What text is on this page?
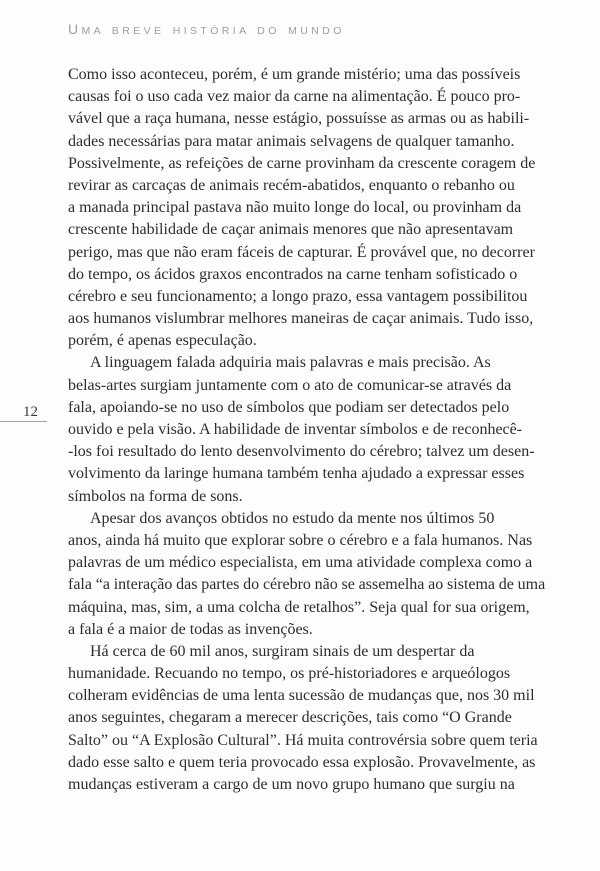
UMA BREVE HISTÓRIA DO MUNDO
12
Como isso aconteceu, porém, é um grande mistério; uma das possíveis
causas foi o uso cada vez maior da carne na alimentação. É pouco pro-
vável que a raça humana, nesse estágio, possuísse as armas ou as habili-
dades necessárias para matar animais selvagens de qualquer tamanho.
Possivelmente, as refeições de carne provinham da crescente coragem de
revirar as carcaças de animais recém-abatidos, enquanto o rebanho ou
a manada principal pastava não muito longe do local, ou provinham da
crescente habilidade de caçar animais menores que não apresentavam
perigo, mas que não eram fáceis de capturar. É provável que, no decorrer
do tempo, os ácidos graxos encontrados na carne tenham sofisticado o
cérebro e seu funcionamento; a longo prazo, essa vantagem possibilitou
aos humanos vislumbrar melhores maneiras de caçar animais. Tudo isso,
porém, é apenas especulação.
A linguagem falada adquiria mais palavras e mais precisão. As
belas-artes surgiam juntamente com o ato de comunicar-se através da
fala, apoiando-se no uso de símbolos que podiam ser detectados pelo
ouvido e pela visão. A habilidade de inventar símbolos e de reconhecê-
-los foi resultado do lento desenvolvimento do cérebro; talvez um desen-
volvimento da laringe humana também tenha ajudado a expressar esses
símbolos na forma de sons.
Apesar dos avanços obtidos no estudo da mente nos últimos 50
anos, ainda há muito que explorar sobre o cérebro e a fala humanos. Nas
palavras de um médico especialista, em uma atividade complexa como a
fala “a interação das partes do cérebro não se assemelha ao sistema de uma
máquina, mas, sim, a uma colcha de retalhos”. Seja qual for sua origem,
a fala é a maior de todas as invenções.
Há cerca de 60 mil anos, surgiram sinais de um despertar da
humanidade. Recuando no tempo, os pré-historiadores e arqueólogos
colheram evidências de uma lenta sucessão de mudanças que, nos 30 mil
anos seguintes, chegaram a merecer descrições, tais como “O Grande
Salto” ou “A Explosão Cultural”. Há muita controvérsia sobre quem teria
dado esse salto e quem teria provocado essa explosão. Provavelmente, as
mudanças estiveram a cargo de um novo grupo humano que surgiu na
